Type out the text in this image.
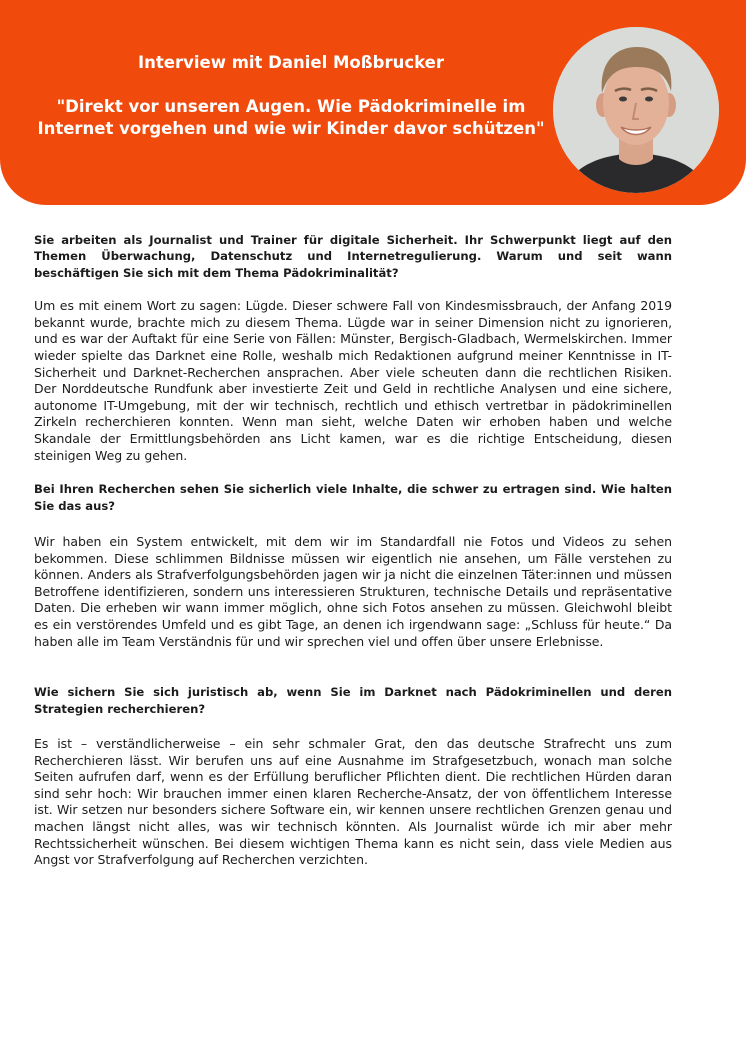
Interview mit Daniel Moßbrucker
"Direkt vor unseren Augen. Wie Pädokriminelle im Internet vorgehen und wie wir Kinder davor schützen"

Sie arbeiten als Journalist und Trainer für digitale Sicherheit. Ihr Schwerpunkt liegt auf den Themen Überwachung, Datenschutz und Internetregulierung. Warum und seit wann beschäftigen Sie sich mit dem Thema Pädokriminalität?

Um es mit einem Wort zu sagen: Lügde. Dieser schwere Fall von Kindesmissbrauch, der Anfang 2019 bekannt wurde, brachte mich zu diesem Thema. Lügde war in seiner Dimension nicht zu ignorieren, und es war der Auftakt für eine Serie von Fällen: Münster, Bergisch-Gladbach, Wermelskirchen. Immer wieder spielte das Darknet eine Rolle, weshalb mich Redaktionen aufgrund meiner Kenntnisse in IT-Sicherheit und Darknet-Recherchen ansprachen. Aber viele scheuten dann die rechtlichen Risiken. Der Norddeutsche Rundfunk aber investierte Zeit und Geld in rechtliche Analysen und eine sichere, autonome IT-Umgebung, mit der wir technisch, rechtlich und ethisch vertretbar in pädokriminellen Zirkeln recherchieren konnten. Wenn man sieht, welche Daten wir erhoben haben und welche Skandale der Ermittlungsbehörden ans Licht kamen, war es die richtige Entscheidung, diesen steinigen Weg zu gehen.

Bei Ihren Recherchen sehen Sie sicherlich viele Inhalte, die schwer zu ertragen sind. Wie halten Sie das aus?

Wir haben ein System entwickelt, mit dem wir im Standardfall nie Fotos und Videos zu sehen bekommen. Diese schlimmen Bildnisse müssen wir eigentlich nie ansehen, um Fälle verstehen zu können. Anders als Strafverfolgungsbehörden jagen wir ja nicht die einzelnen Täter:innen und müssen Betroffene identifizieren, sondern uns interessieren Strukturen, technische Details und repräsentative Daten. Die erheben wir wann immer möglich, ohne sich Fotos ansehen zu müssen. Gleichwohl bleibt es ein verstörendes Umfeld und es gibt Tage, an denen ich irgendwann sage: „Schluss für heute.“ Da haben alle im Team Verständnis für und wir sprechen viel und offen über unsere Erlebnisse.

Wie sichern Sie sich juristisch ab, wenn Sie im Darknet nach Pädokriminellen und deren Strategien recherchieren?

Es ist – verständlicherweise – ein sehr schmaler Grat, den das deutsche Strafrecht uns zum Recherchieren lässt. Wir berufen uns auf eine Ausnahme im Strafgesetzbuch, wonach man solche Seiten aufrufen darf, wenn es der Erfüllung beruflicher Pflichten dient. Die rechtlichen Hürden daran sind sehr hoch: Wir brauchen immer einen klaren Recherche-Ansatz, der von öffentlichem Interesse ist. Wir setzen nur besonders sichere Software ein, wir kennen unsere rechtlichen Grenzen genau und machen längst nicht alles, was wir technisch könnten. Als Journalist würde ich mir aber mehr Rechtssicherheit wünschen. Bei diesem wichtigen Thema kann es nicht sein, dass viele Medien aus Angst vor Strafverfolgung auf Recherchen verzichten.
